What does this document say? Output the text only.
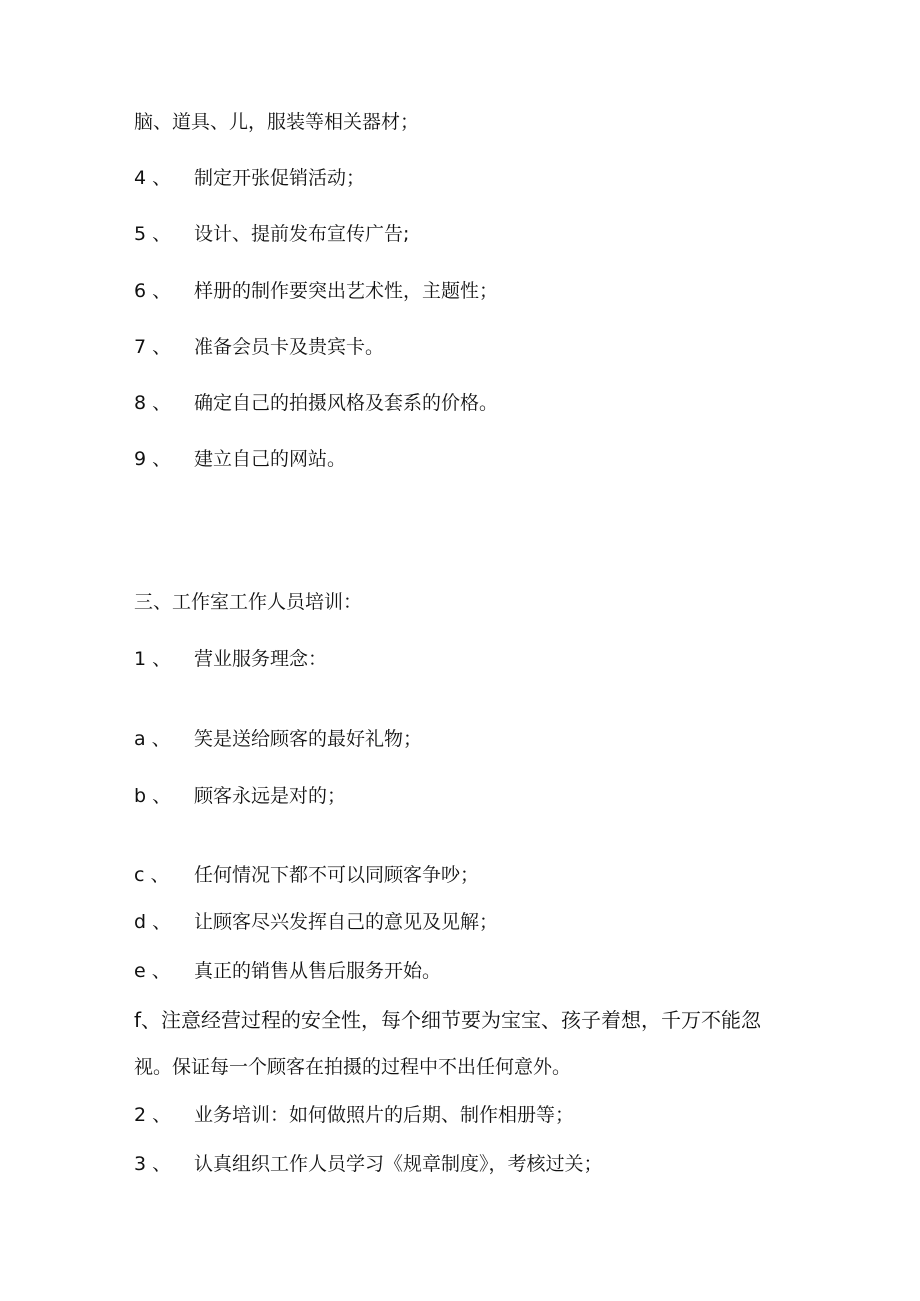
脑、道具、儿，服装等相关器材；
4 、 制定开张促销活动；
5 、 设计、提前发布宣传广告;
6 、 样册的制作要突出艺术性，主题性；
7 、 准备会员卡及贵宾卡。
8 、 确定自己的拍摄风格及套系的价格。
9 、 建立自己的网站。
三、工作室工作人员培训：
1 、 营业服务理念：
a 、 笑是送给顾客的最好礼物；
b 、 顾客永远是对的；
c 、 任何情况下都不可以同顾客争吵；
d 、 让顾客尽兴发挥自己的意见及见解；
e 、 真正的销售从售后服务开始。
f、注意经营过程的安全性，每个细节要为宝宝、孩子着想，千万不能忽
视。保证每一个顾客在拍摄的过程中不出任何意外。
2 、 业务培训：如何做照片的后期、制作相册等；
3 、 认真组织工作人员学习《规章制度》，考核过关；
